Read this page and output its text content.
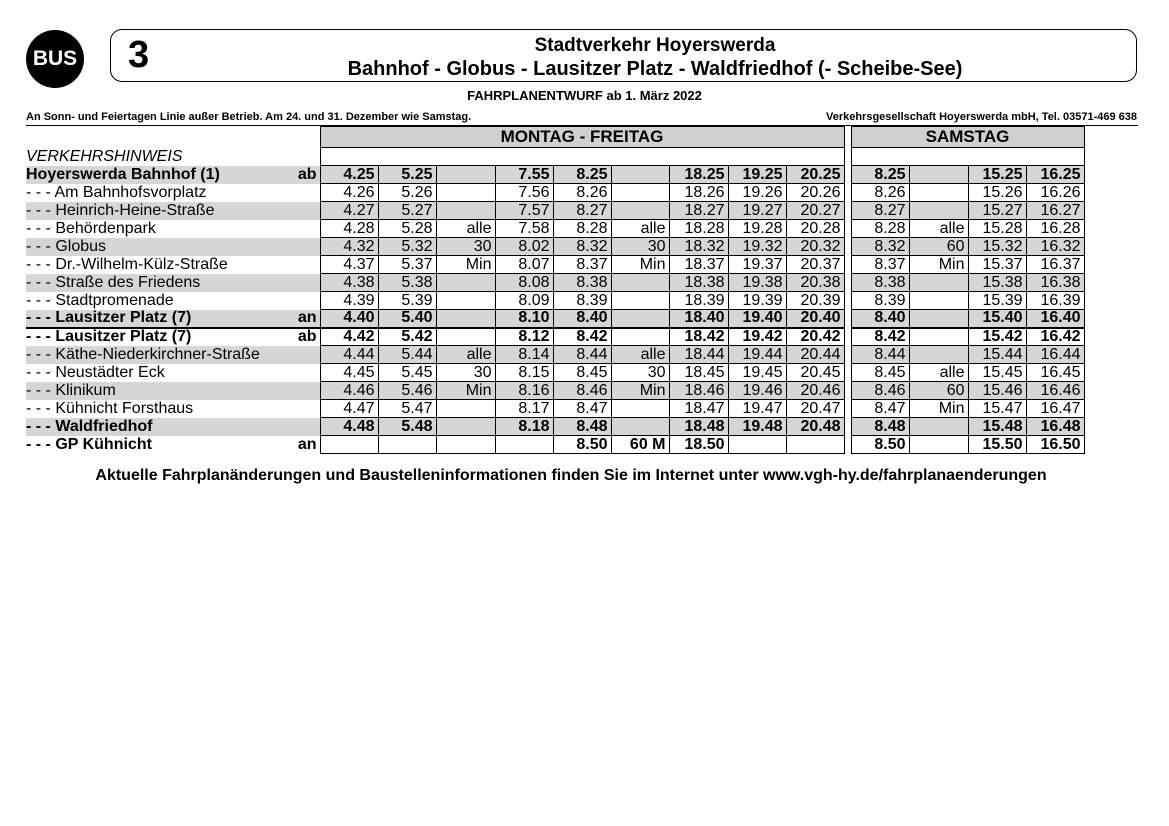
BUS 3	Stadtverkehr Hoyerswerda
Bahnhof - Globus - Lausitzer Platz - Waldfriedhof (- Scheibe-See)
FAHRPLANENTWURF ab 1. März 2022
An Sonn- und Feiertagen Linie außer Betrieb. Am 24. und 31. Dezember wie Samstag.	Verkehrsgesellschaft Hoyerswerda mbH, Tel. 03571-469 638
		MONTAG - FREITAG										SAMSTAG			
VERKEHRSHINWEIS															
Hoyerswerda Bahnhof (1)	ab	4.25	5.25		7.55	8.25		18.25	19.25	20.25		8.25		15.25	16.25
- - - Am Bahnhofsvorplatz		4.26	5.26		7.56	8.26		18.26	19.26	20.26		8.26		15.26	16.26
- - - Heinrich-Heine-Straße		4.27	5.27		7.57	8.27		18.27	19.27	20.27		8.27		15.27	16.27
- - - Behördenpark		4.28	5.28	alle	7.58	8.28	alle	18.28	19.28	20.28		8.28	alle	15.28	16.28
- - - Globus		4.32	5.32	30	8.02	8.32	30	18.32	19.32	20.32		8.32	60	15.32	16.32
- - - Dr.-Wilhelm-Külz-Straße		4.37	5.37	Min	8.07	8.37	Min	18.37	19.37	20.37		8.37	Min	15.37	16.37
- - - Straße des Friedens		4.38	5.38		8.08	8.38		18.38	19.38	20.38		8.38		15.38	16.38
- - - Stadtpromenade		4.39	5.39		8.09	8.39		18.39	19.39	20.39		8.39		15.39	16.39
- - - Lausitzer Platz (7)	an	4.40	5.40		8.10	8.40		18.40	19.40	20.40		8.40		15.40	16.40
- - - Lausitzer Platz (7)	ab	4.42	5.42		8.12	8.42		18.42	19.42	20.42		8.42		15.42	16.42
- - - Käthe-Niederkirchner-Straße		4.44	5.44	alle	8.14	8.44	alle	18.44	19.44	20.44		8.44		15.44	16.44
- - - Neustädter Eck		4.45	5.45	30	8.15	8.45	30	18.45	19.45	20.45		8.45	alle	15.45	16.45
- - - Klinikum		4.46	5.46	Min	8.16	8.46	Min	18.46	19.46	20.46		8.46	60	15.46	16.46
- - - Kühnicht Forsthaus		4.47	5.47		8.17	8.47		18.47	19.47	20.47		8.47	Min	15.47	16.47
- - - Waldfriedhof		4.48	5.48		8.18	8.48		18.48	19.48	20.48		8.48		15.48	16.48
- - - GP Kühnicht	an					8.50	60 M	18.50				8.50		15.50	16.50
Aktuelle Fahrplanänderungen und Baustelleninformationen finden Sie im Internet unter www.vgh-hy.de/fahrplanaenderungen
